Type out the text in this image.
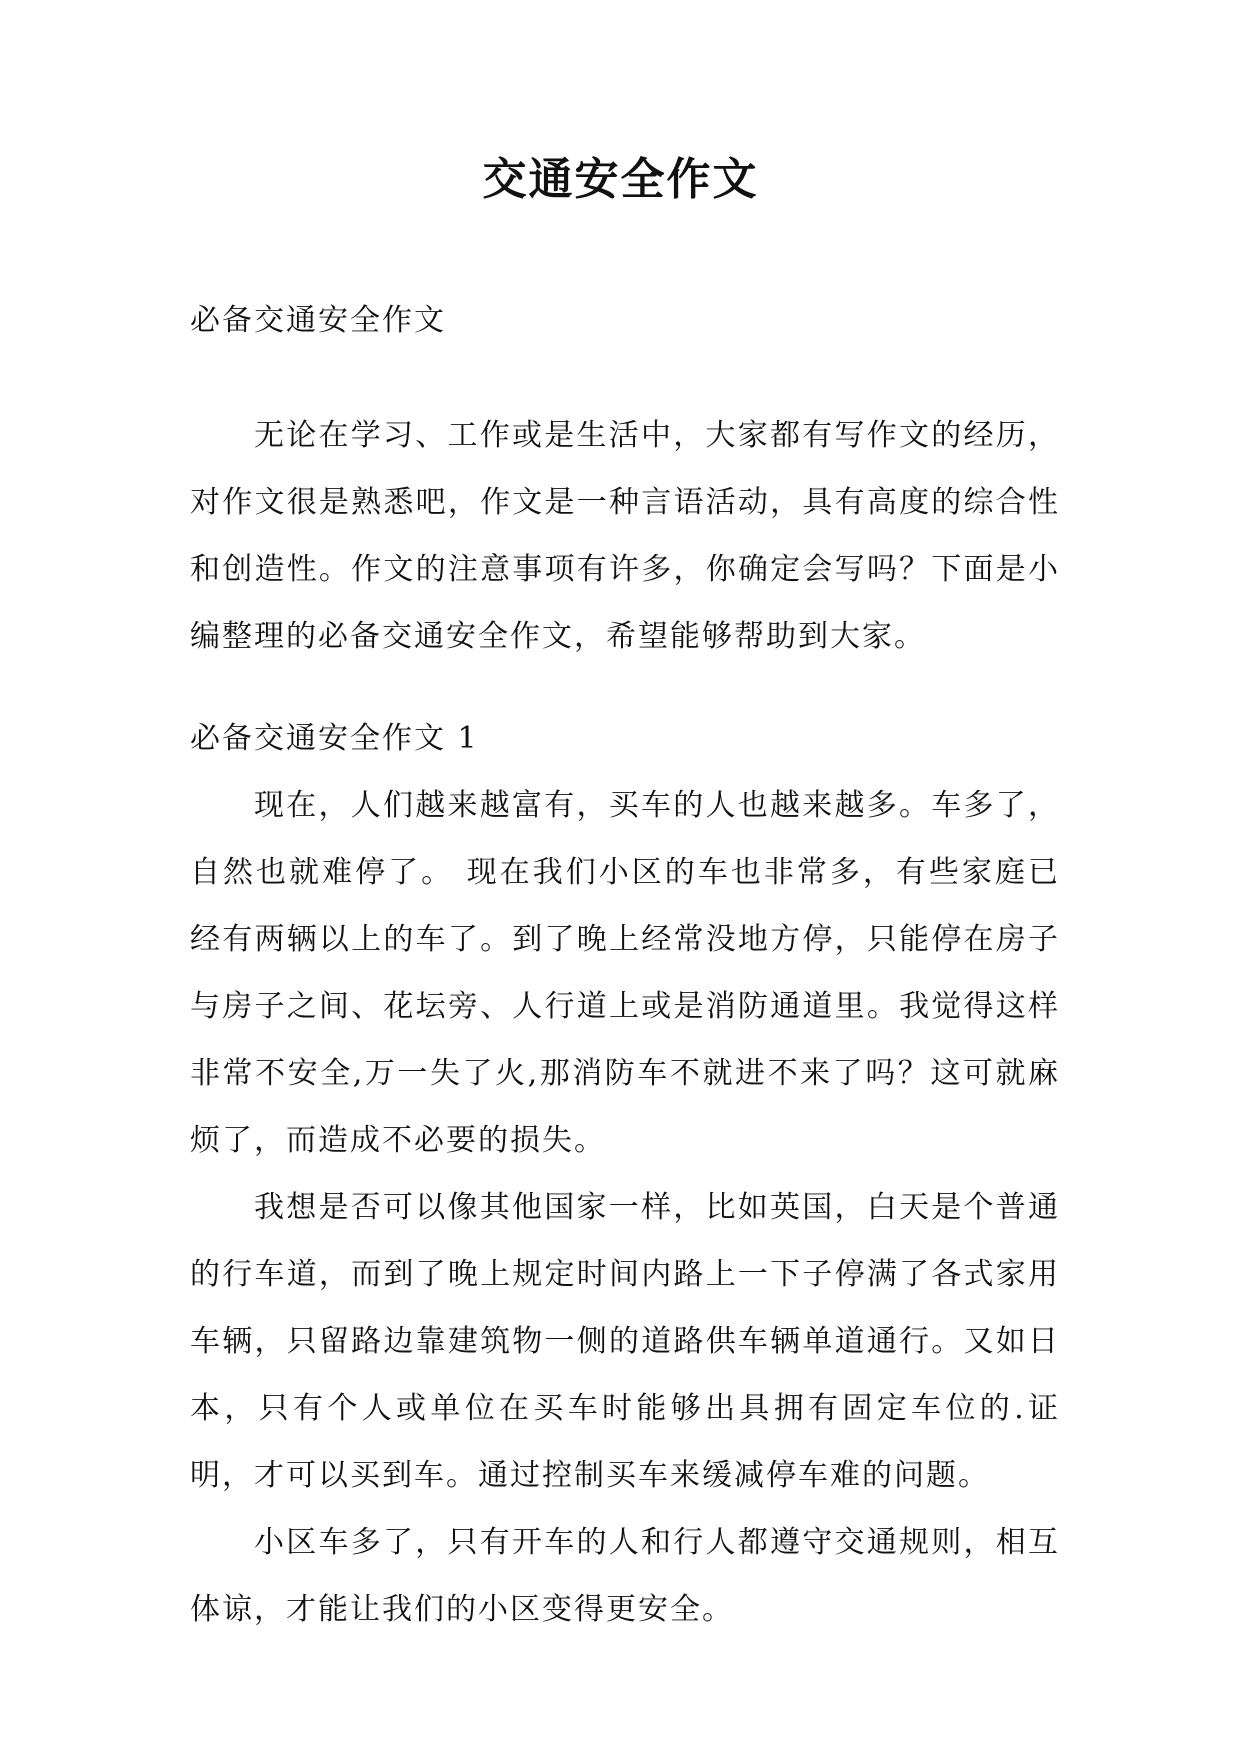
交通安全作文

必备交通安全作文

无论在学习、工作或是生活中，大家都有写作文的经历，对作文很是熟悉吧，作文是一种言语活动，具有高度的综合性和创造性。作文的注意事项有许多，你确定会写吗？下面是小编整理的必备交通安全作文，希望能够帮助到大家。

必备交通安全作文 1

现在，人们越来越富有，买车的人也越来越多。车多了，自然也就难停了。 现在我们小区的车也非常多，有些家庭已经有两辆以上的车了。到了晚上经常没地方停，只能停在房子与房子之间、花坛旁、人行道上或是消防通道里。我觉得这样非常不安全,万一失了火,那消防车不就进不来了吗？这可就麻烦了，而造成不必要的损失。

我想是否可以像其他国家一样，比如英国，白天是个普通的行车道，而到了晚上规定时间内路上一下子停满了各式家用车辆，只留路边靠建筑物一侧的道路供车辆单道通行。又如日本，只有个人或单位在买车时能够出具拥有固定车位的.证明，才可以买到车。通过控制买车来缓减停车难的问题。

小区车多了，只有开车的人和行人都遵守交通规则，相互体谅，才能让我们的小区变得更安全。
